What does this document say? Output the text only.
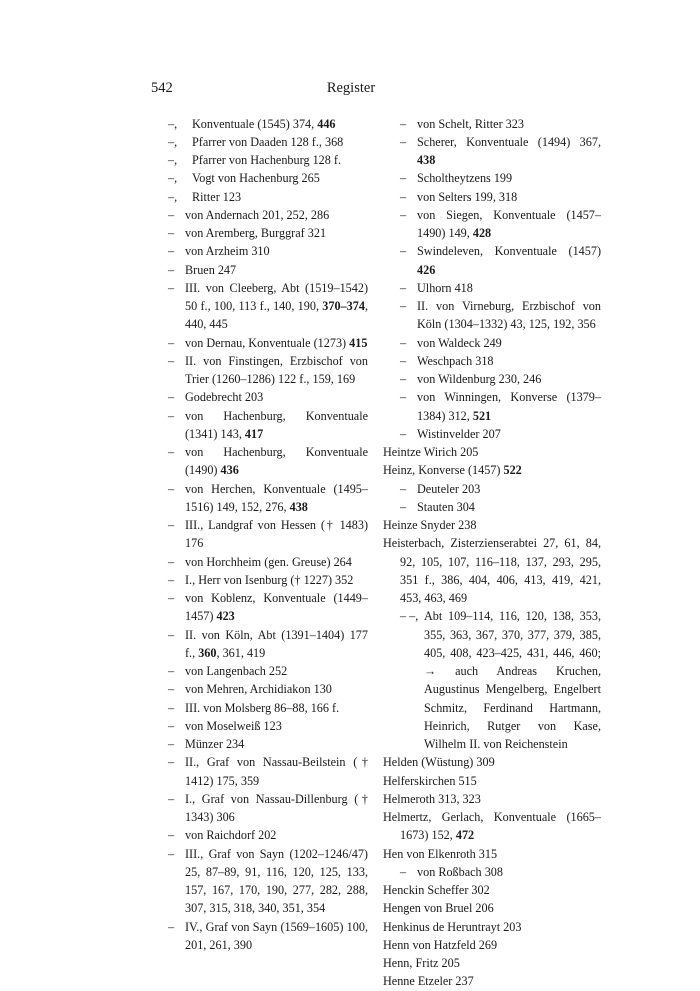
542	Register

–, Konventuale (1545) 374, 446

–, Pfarrer von Daaden 128 f., 368

–, Pfarrer von Hachenburg 128 f.

–, Vogt von Hachenburg 265

–, Ritter 123

– von Andernach 201, 252, 286

– von Aremberg, Burggraf 321

– von Arzheim 310

– Bruen 247

– III. von Cleeberg, Abt (1519–1542) 50 f., 100, 113 f., 140, 190, 370–374, 440, 445

– von Dernau, Konventuale (1273) 415

– II. von Finstingen, Erzbischof von Trier (1260–1286) 122 f., 159, 169

– Godebrecht 203

– von Hachenburg, Konventuale (1341) 143, 417

– von Hachenburg, Konventuale (1490) 436

– von Herchen, Konventuale (1495–1516) 149, 152, 276, 438

– III., Landgraf von Hessen († 1483) 176

– von Horchheim (gen. Greuse) 264

– I., Herr von Isenburg († 1227) 352

– von Koblenz, Konventuale (1449–1457) 423

– II. von Köln, Abt (1391–1404) 177 f., 360, 361, 419

– von Langenbach 252

– von Mehren, Archidiakon 130

– III. von Molsberg 86–88, 166 f.

– von Moselweiß 123

– Münzer 234

– II., Graf von Nassau-Beilstein († 1412) 175, 359

– I., Graf von Nassau-Dillenburg († 1343) 306

– von Raichdorf 202

– III., Graf von Sayn (1202–1246/47) 25, 87–89, 91, 116, 120, 125, 133, 157, 167, 170, 190, 277, 282, 288, 307, 315, 318, 340, 351, 354

– IV., Graf von Sayn (1569–1605) 100, 201, 261, 390

– von Schelt, Ritter 323

– Scherer, Konventuale (1494) 367, 438

– Scholtheytzens 199

– von Selters 199, 318

– von Siegen, Konventuale (1457–1490) 149, 428

– Swindeleven, Konventuale (1457) 426

– Ulhorn 418

– II. von Virneburg, Erzbischof von Köln (1304–1332) 43, 125, 192, 356

– von Waldeck 249

– Weschpach 318

– von Wildenburg 230, 246

– von Winningen, Konverse (1379–1384) 312, 521

– Wistinvelder 207

Heintze Wirich 205

Heinz, Konverse (1457) 522

– Deuteler 203

– Stauten 304

Heinze Snyder 238

Heisterbach, Zisterzienserabtei 27, 61, 84, 92, 105, 107, 116–118, 137, 293, 295, 351 f., 386, 404, 406, 413, 419, 421, 453, 463, 469

– –, Abt 109–114, 116, 120, 138, 353, 355, 363, 367, 370, 377, 379, 385, 405, 408, 423–425, 431, 446, 460; → auch Andreas Kruchen, Augustinus Mengelberg, Engelbert Schmitz, Ferdinand Hartmann, Heinrich, Rutger von Kase, Wilhelm II. von Reichenstein

Helden (Wüstung) 309

Helferskirchen 515

Helmeroth 313, 323

Helmertz, Gerlach, Konventuale (1665–1673) 152, 472

Hen von Elkenroth 315

– von Roßbach 308

Henckin Scheffer 302

Hengen von Bruel 206

Henkinus de Heruntrayt 203

Henn von Hatzfeld 269

Henn, Fritz 205

Henne Etzeler 237
